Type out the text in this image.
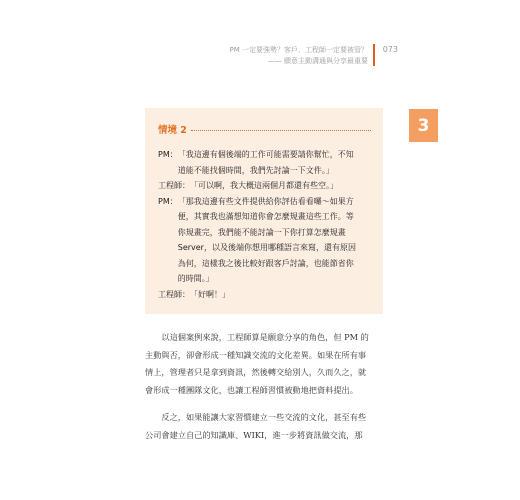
PM 一定要強勢？客戶、工程師一定要被管？
—— 願意主動溝通與分享最重要
073
3
情境 2
PM： 「我這邊有個後端的工作可能需要請你幫忙，不知
道能不能找個時間，我們先討論一下文件。」
工程師： 「可以啊，我大概這兩個月都還有些空。」
PM： 「那我這邊有些文件提供給你評估看看囉～如果方
便，其實我也滿想知道你會怎麼規畫這些工作。等
你規畫完，我們能不能討論一下你打算怎麼規畫
Server，以及後端你想用哪種語言來寫，還有原因
為何，這樣我之後比較好跟客戶討論，也能節省你
的時間。」
工程師： 「好啊！」
　　以這個案例來說，工程師算是願意分享的角色，但 PM 的
主動與否，卻會形成一種知識交流的文化差異。如果在所有事
情上，管理者只是拿到資訊，然後轉交給別人，久而久之，就
會形成一種團隊文化，也讓工程師習慣被動地把資料提出。
　　反之，如果能讓大家習慣建立一些交流的文化，甚至有些
公司會建立自己的知識庫、WIKI，進一步將資訊做交流，那
